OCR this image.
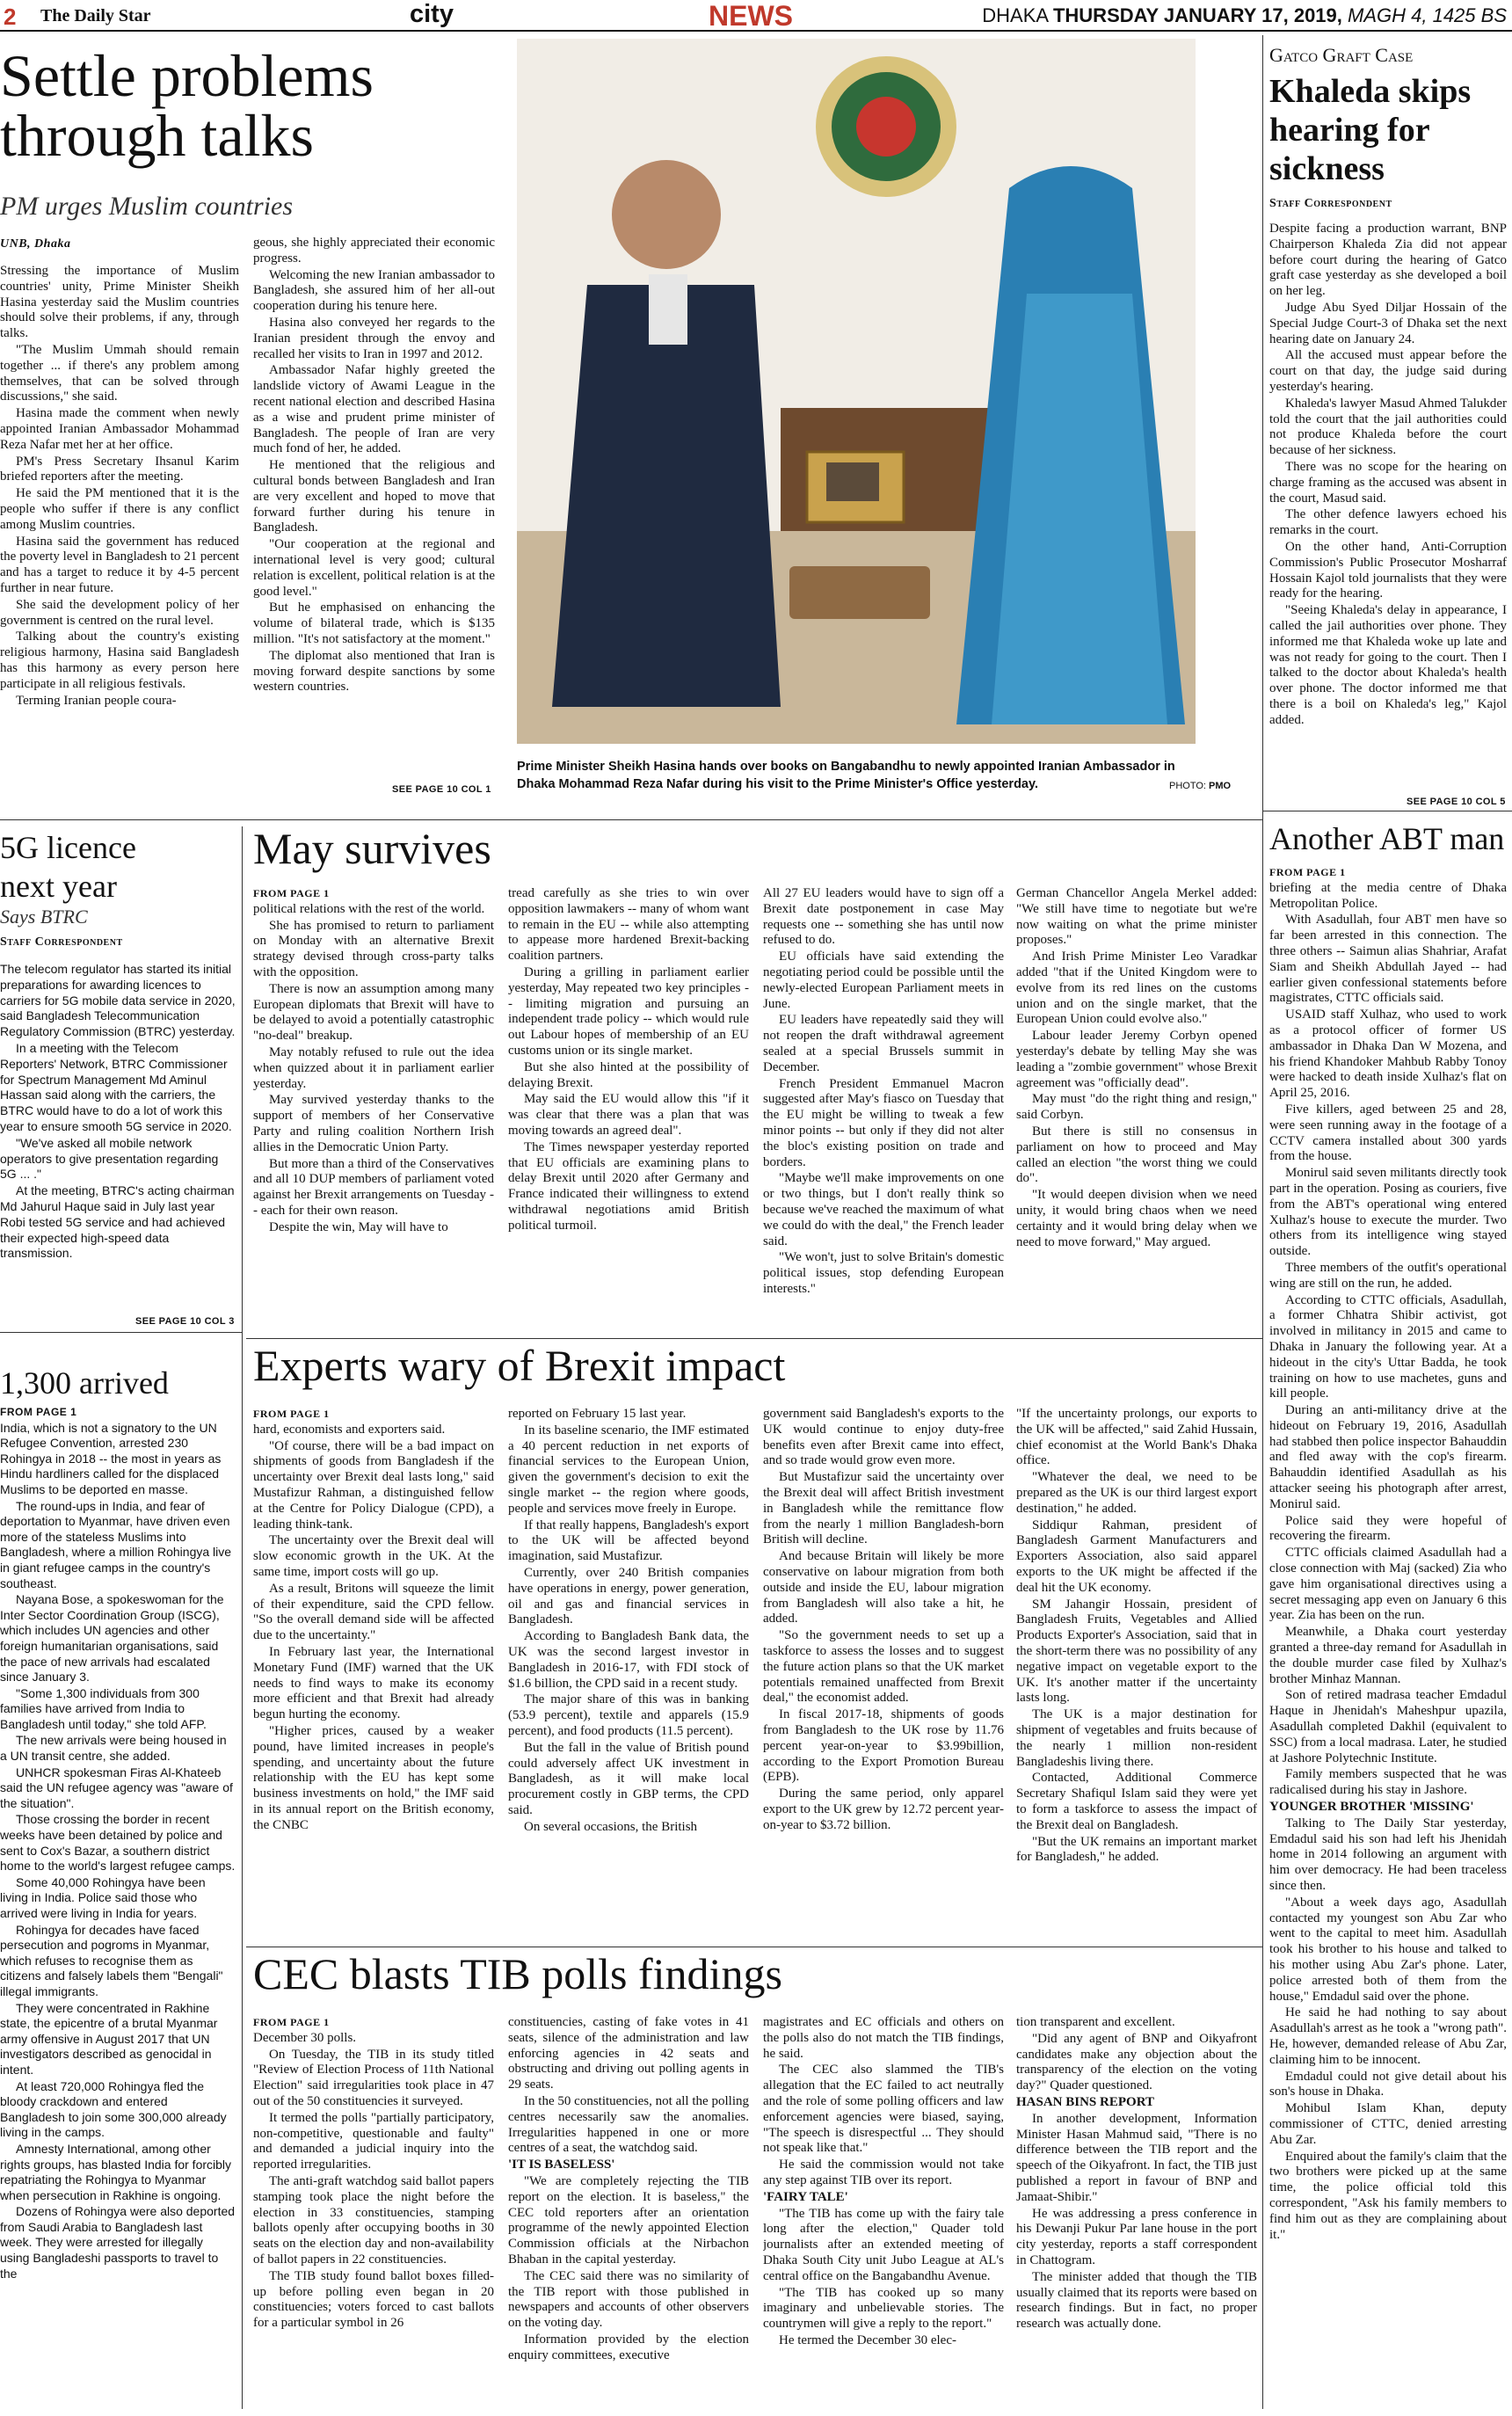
2 The Daily Star	city	NEWS	DHAKA THURSDAY JANUARY 17, 2019, MAGH 4, 1425 BS
Settle problems
through talks
PM urges Muslim countries
UNB, Dhaka

Stressing the importance of Muslim countries' unity, Prime Minister Sheikh Hasina yesterday said the Muslim countries should solve their problems, if any, through talks.

"The Muslim Ummah should remain together ... if there's any problem among themselves, that can be solved through discussions," she said.

Hasina made the comment when newly appointed Iranian Ambassador Mohammad Reza Nafar met her at her office.

PM's Press Secretary Ihsanul Karim briefed reporters after the meeting.

He said the PM mentioned that it is the people who suffer if there is any conflict among Muslim countries.

Hasina said the government has reduced the poverty level in Bangladesh to 21 percent and has a target to reduce it by 4-5 percent further in near future.

She said the development policy of her government is centred on the rural level.

Talking about the country's existing religious harmony, Hasina said Bangladesh has this harmony as every person here participate in all religious festivals.

Terming Iranian people coura-

geous, she highly appreciated their economic progress.

Welcoming the new Iranian ambassador to Bangladesh, she assured him of her all-out cooperation during his tenure here.

Hasina also conveyed her regards to the Iranian president through the envoy and recalled her visits to Iran in 1997 and 2012.

Ambassador Nafar highly greeted the landslide victory of Awami League in the recent national election and described Hasina as a wise and prudent prime minister of Bangladesh. The people of Iran are very much fond of her, he added.

He mentioned that the religious and cultural bonds between Bangladesh and Iran are very excellent and hoped to move that forward further during his tenure in Bangladesh.

"Our cooperation at the regional and international level is very good; cultural relation is excellent, political relation is at the good level."

But he emphasised on enhancing the volume of bilateral trade, which is $135 million. "It's not satisfactory at the moment."

The diplomat also mentioned that Iran is moving forward despite sanctions by some western countries.

SEE PAGE 10 COL 1
Prime Minister Sheikh Hasina hands over books on Bangabandhu to newly appointed Iranian Ambassador in Dhaka Mohammad Reza Nafar during his visit to the Prime Minister's Office yesterday.	PHOTO: PMO
Gatco Graft Case
Khaleda skips
hearing for
sickness
Staff Correspondent

Despite facing a production warrant, BNP Chairperson Khaleda Zia did not appear before court during the hearing of Gatco graft case yesterday as she developed a boil on her leg.

Judge Abu Syed Diljar Hossain of the Special Judge Court-3 of Dhaka set the next hearing date on January 24.

All the accused must appear before the court on that day, the judge said during yesterday's hearing.

Khaleda's lawyer Masud Ahmed Talukder told the court that the jail authorities could not produce Khaleda before the court because of her sickness.

There was no scope for the hearing on charge framing as the accused was absent in the court, Masud said.

The other defence lawyers echoed his remarks in the court.

On the other hand, Anti-Corruption Commission's Public Prosecutor Mosharraf Hossain Kajol told journalists that they were ready for the hearing.

"Seeing Khaleda's delay in appearance, I called the jail authorities over phone. They informed me that Khaleda woke up late and was not ready for going to the court. Then I talked to the doctor about Khaleda's health over phone. The doctor informed me that there is a boil on Khaleda's leg," Kajol added.

SEE PAGE 10 COL 5
5G licence
next year
Says BTRC
Staff Correspondent

The telecom regulator has started its initial preparations for awarding licences to carriers for 5G mobile data service in 2020, said Bangladesh Telecommunication Regulatory Commission (BTRC) yesterday.

In a meeting with the Telecom Reporters' Network, BTRC Commissioner for Spectrum Management Md Aminul Hassan said along with the carriers, the BTRC would have to do a lot of work this year to ensure smooth 5G service in 2020.

"We've asked all mobile network operators to give presentation regarding 5G ... ."

At the meeting, BTRC's acting chairman Md Jahurul Haque said in July last year Robi tested 5G service and had achieved their expected high-speed data transmission.

SEE PAGE 10 COL 3
1,300 arrived
FROM PAGE 1

India, which is not a signatory to the UN Refugee Convention, arrested 230 Rohingya in 2018 -- the most in years as Hindu hardliners called for the displaced Muslims to be deported en masse.

The round-ups in India, and fear of deportation to Myanmar, have driven even more of the stateless Muslims into Bangladesh, where a million Rohingya live in giant refugee camps in the country's southeast.

Nayana Bose, a spokeswoman for the Inter Sector Coordination Group (ISCG), which includes UN agencies and other foreign humanitarian organisations, said the pace of new arrivals had escalated since January 3.

"Some 1,300 individuals from 300 families have arrived from India to Bangladesh until today," she told AFP.

The new arrivals were being housed in a UN transit centre, she added.

UNHCR spokesman Firas Al-Khateeb said the UN refugee agency was "aware of the situation".

Those crossing the border in recent weeks have been detained by police and sent to Cox's Bazar, a southern district home to the world's largest refugee camps.

Some 40,000 Rohingya have been living in India. Police said those who arrived were living in India for years.

Rohingya for decades have faced persecution and pogroms in Myanmar, which refuses to recognise them as citizens and falsely labels them "Bengali" illegal immigrants.

They were concentrated in Rakhine state, the epicentre of a brutal Myanmar army offensive in August 2017 that UN investigators described as genocidal in intent.

At least 720,000 Rohingya fled the bloody crackdown and entered Bangladesh to join some 300,000 already living in the camps.

Amnesty International, among other rights groups, has blasted India for forcibly repatriating the Rohingya to Myanmar when persecution in Rakhine is ongoing.

Dozens of Rohingya were also deported from Saudi Arabia to Bangladesh last week. They were arrested for illegally using Bangladeshi passports to travel to the

May survives
FROM PAGE 1

political relations with the rest of the world.

She has promised to return to parliament on Monday with an alternative Brexit strategy devised through cross-party talks with the opposition.

There is now an assumption among many European diplomats that Brexit will have to be delayed to avoid a potentially catastrophic "no-deal" breakup.

May notably refused to rule out the idea when quizzed about it in parliament earlier yesterday.

May survived yesterday thanks to the support of members of her Conservative Party and ruling coalition Northern Irish allies in the Democratic Union Party.

But more than a third of the Conservatives and all 10 DUP members of parliament voted against her Brexit arrangements on Tuesday -- each for their own reason.

Despite the win, May will have to

tread carefully as she tries to win over opposition lawmakers -- many of whom want to remain in the EU -- while also attempting to appease more hardened Brexit-backing coalition partners.

During a grilling in parliament earlier yesterday, May repeated two key principles -- limiting migration and pursuing an independent trade policy -- which would rule out Labour hopes of membership of an EU customs union or its single market.

But she also hinted at the possibility of delaying Brexit.

May said the EU would allow this "if it was clear that there was a plan that was moving towards an agreed deal".

The Times newspaper yesterday reported that EU officials are examining plans to delay Brexit until 2020 after Germany and France indicated their willingness to extend withdrawal negotiations amid British political turmoil.

All 27 EU leaders would have to sign off a Brexit date postponement in case May requests one -- something she has until now refused to do.

EU officials have said extending the negotiating period could be possible until the newly-elected European Parliament meets in June.

EU leaders have repeatedly said they will not reopen the draft withdrawal agreement sealed at a special Brussels summit in December.

French President Emmanuel Macron suggested after May's fiasco on Tuesday that the EU might be willing to tweak a few minor points -- but only if they did not alter the bloc's existing position on trade and borders.

"Maybe we'll make improvements on one or two things, but I don't really think so because we've reached the maximum of what we could do with the deal," the French leader said.

"We won't, just to solve Britain's domestic political issues, stop defending European interests."

German Chancellor Angela Merkel added: "We still have time to negotiate but we're now waiting on what the prime minister proposes."

And Irish Prime Minister Leo Varadkar added "that if the United Kingdom were to evolve from its red lines on the customs union and on the single market, that the European Union could evolve also."

Labour leader Jeremy Corbyn opened yesterday's debate by telling May she was leading a "zombie government" whose Brexit agreement was "officially dead".

May must "do the right thing and resign," said Corbyn.

But there is still no consensus in parliament on how to proceed and May called an election "the worst thing we could do".

"It would deepen division when we need unity, it would bring chaos when we need certainty and it would bring delay when we need to move forward," May argued.

Experts wary of Brexit impact
FROM PAGE 1

hard, economists and exporters said.

"Of course, there will be a bad impact on shipments of goods from Bangladesh if the uncertainty over Brexit deal lasts long," said Mustafizur Rahman, a distinguished fellow at the Centre for Policy Dialogue (CPD), a leading think-tank.

The uncertainty over the Brexit deal will slow economic growth in the UK. At the same time, import costs will go up.

As a result, Britons will squeeze the limit of their expenditure, said the CPD fellow. "So the overall demand side will be affected due to the uncertainty."

In February last year, the International Monetary Fund (IMF) warned that the UK needs to find ways to make its economy more efficient and that Brexit had already begun hurting the economy.

"Higher prices, caused by a weaker pound, have limited increases in people's spending, and uncertainty about the future relationship with the EU has kept some business investments on hold," the IMF said in its annual report on the British economy, the CNBC

reported on February 15 last year.

In its baseline scenario, the IMF estimated a 40 percent reduction in net exports of financial services to the European Union, given the government's decision to exit the single market -- the region where goods, people and services move freely in Europe.

If that really happens, Bangladesh's export to the UK will be affected beyond imagination, said Mustafizur.

Currently, over 240 British companies have operations in energy, power generation, oil and gas and financial services in Bangladesh.

According to Bangladesh Bank data, the UK was the second largest investor in Bangladesh in 2016-17, with FDI stock of $1.6 billion, the CPD said in a recent study.

The major share of this was in banking (53.9 percent), textile and apparels (15.9 percent), and food products (11.5 percent).

But the fall in the value of British pound could adversely affect UK investment in Bangladesh, as it will make local procurement costly in GBP terms, the CPD said.

On several occasions, the British

government said Bangladesh's exports to the UK would continue to enjoy duty-free benefits even after Brexit came into effect, and so trade would grow even more.

But Mustafizur said the uncertainty over the Brexit deal will affect British investment in Bangladesh while the remittance flow from the nearly 1 million Bangladesh-born British will decline.

And because Britain will likely be more conservative on labour migration from both outside and inside the EU, labour migration from Bangladesh will also take a hit, he added.

"So the government needs to set up a taskforce to assess the losses and to suggest the future action plans so that the UK market potentials remained unaffected from Brexit deal," the economist added.

In fiscal 2017-18, shipments of goods from Bangladesh to the UK rose by 11.76 percent year-on-year to $3.99billion, according to the Export Promotion Bureau (EPB).

During the same period, only apparel export to the UK grew by 12.72 percent year-on-year to $3.72 billion.

"If the uncertainty prolongs, our exports to the UK will be affected," said Zahid Hussain, chief economist at the World Bank's Dhaka office.

"Whatever the deal, we need to be prepared as the UK is our third largest export destination," he added.

Siddiqur Rahman, president of Bangladesh Garment Manufacturers and Exporters Association, also said apparel exports to the UK might be affected if the deal hit the UK economy.

SM Jahangir Hossain, president of Bangladesh Fruits, Vegetables and Allied Products Exporter's Association, said that in the short-term there was no possibility of any negative impact on vegetable export to the UK. It's another matter if the uncertainty lasts long.

The UK is a major destination for shipment of vegetables and fruits because of the nearly 1 million non-resident Bangladeshis living there.

Contacted, Additional Commerce Secretary Shafiqul Islam said they were yet to form a taskforce to assess the impact of the Brexit deal on Bangladesh.

"But the UK remains an important market for Bangladesh," he added.

CEC blasts TIB polls findings
FROM PAGE 1

December 30 polls.

On Tuesday, the TIB in its study titled "Review of Election Process of 11th National Election" said irregularities took place in 47 out of the 50 constituencies it surveyed.

It termed the polls "partially participatory, non-competitive, questionable and faulty" and demanded a judicial inquiry into the reported irregularities.

The anti-graft watchdog said ballot papers stamping took place the night before the election in 33 constituencies, stamping ballots openly after occupying booths in 30 seats on the election day and non-availability of ballot papers in 22 constituencies.

The TIB study found ballot boxes filled-up before polling even began in 20 constituencies; voters forced to cast ballots for a particular symbol in 26

constituencies, casting of fake votes in 41 seats, silence of the administration and law enforcing agencies in 42 seats and obstructing and driving out polling agents in 29 seats.

In the 50 constituencies, not all the polling centres necessarily saw the anomalies. Irregularities happened in one or more centres of a seat, the watchdog said.

'IT IS BASELESS'

"We are completely rejecting the TIB report on the election. It is baseless," the CEC told reporters after an orientation programme of the newly appointed Election Commission officials at the Nirbachon Bhaban in the capital yesterday.

The CEC said there was no similarity of the TIB report with those published in newspapers and accounts of other observers on the voting day.

Information provided by the election enquiry committees, executive

magistrates and EC officials and others on the polls also do not match the TIB findings, he said.

The CEC also slammed the TIB's allegation that the EC failed to act neutrally and the role of some polling officers and law enforcement agencies were biased, saying, "The speech is disrespectful ... They should not speak like that."

He said the commission would not take any step against TIB over its report.

'FAIRY TALE'

"The TIB has come up with the fairy tale long after the election," Quader told journalists after an extended meeting of Dhaka South City unit Jubo League at AL's central office on the Bangabandhu Avenue.

"The TIB has cooked up so many imaginary and unbelievable stories. The countrymen will give a reply to the report."

He termed the December 30 elec-

tion transparent and excellent.

"Did any agent of BNP and Oikyafront candidates make any objection about the transparency of the election on the voting day?" Quader questioned.

HASAN BINS REPORT

In another development, Information Minister Hasan Mahmud said, "There is no difference between the TIB report and the speech of the Oikyafront. In fact, the TIB just published a report in favour of BNP and Jamaat-Shibir."

He was addressing a press conference in his Dewanji Pukur Par lane house in the port city yesterday, reports a staff correspondent in Chattogram.

The minister added that though the TIB usually claimed that its reports were based on research findings. But in fact, no proper research was actually done.

Another ABT man
FROM PAGE 1

briefing at the media centre of Dhaka Metropolitan Police.

With Asadullah, four ABT men have so far been arrested in this connection. The three others -- Saimun alias Shahriar, Arafat Siam and Sheikh Abdullah Jayed -- had earlier given confessional statements before magistrates, CTTC officials said.

USAID staff Xulhaz, who used to work as a protocol officer of former US ambassador in Dhaka Dan W Mozena, and his friend Khandoker Mahbub Rabby Tonoy were hacked to death inside Xulhaz's flat on April 25, 2016.

Five killers, aged between 25 and 28, were seen running away in the footage of a CCTV camera installed about 300 yards from the house.

Monirul said seven militants directly took part in the operation. Posing as couriers, five from the ABT's operational wing entered Xulhaz's house to execute the murder. Two others from its intelligence wing stayed outside.

Three members of the outfit's operational wing are still on the run, he added.

According to CTTC officials, Asadullah, a former Chhatra Shibir activist, got involved in militancy in 2015 and came to Dhaka in January the following year. At a hideout in the city's Uttar Badda, he took training on how to use machetes, guns and kill people.

During an anti-militancy drive at the hideout on February 19, 2016, Asadullah had stabbed then police inspector Bahauddin and fled away with the cop's firearm. Bahauddin identified Asadullah as his attacker seeing his photograph after arrest, Monirul said.

Police said they were hopeful of recovering the firearm.

CTTC officials claimed Asadullah had a close connection with Maj (sacked) Zia who gave him organisational directives using a secret messaging app even on January 6 this year. Zia has been on the run.

Meanwhile, a Dhaka court yesterday granted a three-day remand for Asadullah in the double murder case filed by Xulhaz's brother Minhaz Mannan.

Son of retired madrasa teacher Emdadul Haque in Jhenidah's Maheshpur upazila, Asadullah completed Dakhil (equivalent to SSC) from a local madrasa. Later, he studied at Jashore Polytechnic Institute.

Family members suspected that he was radicalised during his stay in Jashore.

YOUNGER BROTHER 'MISSING'

Talking to The Daily Star yesterday, Emdadul said his son had left his Jhenidah home in 2014 following an argument with him over democracy. He had been traceless since then.

"About a week days ago, Asadullah contacted my youngest son Abu Zar who went to the capital to meet him. Asadullah took his brother to his house and talked to his mother using Abu Zar's phone. Later, police arrested both of them from the house," Emdadul said over the phone.

He said he had nothing to say about Asadullah's arrest as he took a "wrong path". He, however, demanded release of Abu Zar, claiming him to be innocent.

Emdadul could not give detail about his son's house in Dhaka.

Mohibul Islam Khan, deputy commissioner of CTTC, denied arresting Abu Zar.

Enquired about the family's claim that the two brothers were picked up at the same time, the police official told this correspondent, "Ask his family members to find him out as they are complaining about it."
